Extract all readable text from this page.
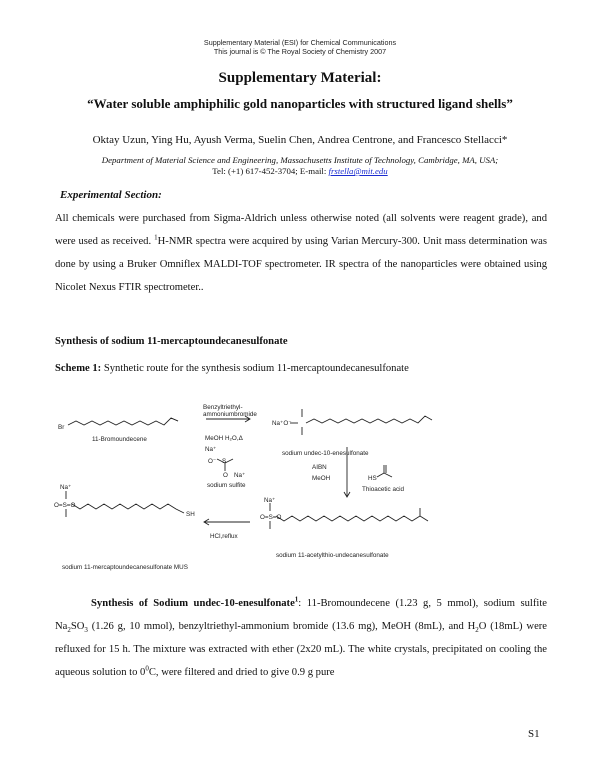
Supplementary Material (ESI) for Chemical Communications
This journal is © The Royal Society of Chemistry 2007
Supplementary Material:
“Water soluble amphiphilic gold nanoparticles with structured ligand shells”
Oktay Uzun, Ying Hu, Ayush Verma, Suelin Chen, Andrea Centrone, and Francesco Stellacci*
Department of Material Science and Engineering, Massachusetts Institute of Technology, Cambridge, MA, USA;
Tel: (+1) 617-452-3704; E-mail: frstella@mit.edu
Experimental Section:
All chemicals were purchased from Sigma-Aldrich unless otherwise noted (all solvents were reagent grade), and were used as received. $^1$H-NMR spectra were acquired by using Varian Mercury-300. Unit mass determination was done by using a Bruker Omniflex MALDI-TOF spectrometer. IR spectra of the nanoparticles were obtained using Nicolet Nexus FTIR spectrometer..
Synthesis of sodium 11-mercaptoundecanesulfonate
Scheme 1: Synthetic route for the synthesis sodium 11-mercaptoundecanesulfonate
Br
11-Bromoundecene
Benzyltriethyl-
ammoniumbromide
MeOH H₂O,Δ
Na⁺
O⁻ S
O Na⁺
sodium sulfite
Na⁺O⁻
sodium undec-10-enesulfonate
AIBN
MeOH	HS
Thioacetic acid
Na⁺
O=S=O
sodium 11-acetylthio-undecanesulfonate
HCl,reflux
Na⁺
O=S=O
SH
sodium 11-mercaptoundecanesulfonate MUS
Synthesis of Sodium undec-10-enesulfonate$^1$: 11-Bromoundecene (1.23 g, 5 mmol), sodium sulfite $Na_2SO_3$ (1.26 g, 10 mmol), benzyltriethyl-ammonium bromide (13.6 mg), MeOH (8mL), and $H_2O$ (18mL) were refluxed for 15 h. The mixture was extracted with ether (2x20 mL). The white crystals, precipitated on cooling the aqueous solution to $0^0C$, were filtered and dried to give 0.9 g pure
S1
